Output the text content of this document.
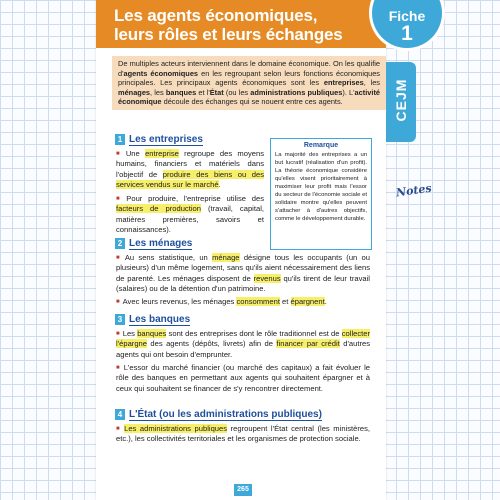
Les agents économiques,
leurs rôles et leurs échanges
Fiche
1
CEJM
Notes
De multiples acteurs interviennent dans le domaine économique. On les qualifie d'agents économiques en les regroupant selon leurs fonctions économiques principales. Les principaux agents économiques sont les entreprises, les ménages, les banques et l'État (ou les administrations publiques). L'activité économique découle des échanges qui se nouent entre ces agents.
1 Les entreprises
■ Une entreprise regroupe des moyens humains, financiers et matériels dans l'objectif de produire des biens ou des services vendus sur le marché.
■ Pour produire, l'entreprise utilise des facteurs de production (travail, capital, matières premières, savoirs et connaissances).
Remarque
La majorité des entreprises a un but lucratif (réalisation d'un profit). La théorie économique considère qu'elles visent prioritairement à maximiser leur profit mais l'essor du secteur de l'économie sociale et solidaire montre qu'elles peuvent s'attacher à d'autres objectifs, comme le développement durable.
2 Les ménages
■ Au sens statistique, un ménage désigne tous les occupants (un ou plusieurs) d'un même logement, sans qu'ils aient nécessairement des liens de parenté. Les ménages disposent de revenus qu'ils tirent de leur travail (salaires) ou de la détention d'un patrimoine.
■ Avec leurs revenus, les ménages consomment et épargnent.
3 Les banques
■ Les banques sont des entreprises dont le rôle traditionnel est de collecter l'épargne des agents (dépôts, livrets) afin de financer par crédit d'autres agents qui ont besoin d'emprunter.
■ L'essor du marché financier (ou marché des capitaux) a fait évoluer le rôle des banques en permettant aux agents qui souhaitent épargner et à ceux qui souhaitent se financer de s'y rencontrer directement.
4 L'État (ou les administrations publiques)
■ Les administrations publiques regroupent l'État central (les ministères, etc.), les collectivités territoriales et les organismes de protection sociale.
265
